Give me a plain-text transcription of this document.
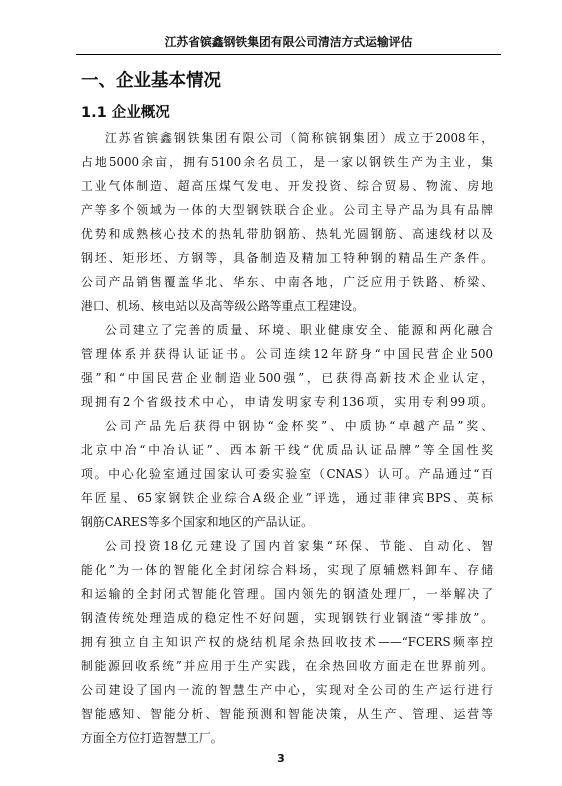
江苏省镔鑫钢铁集团有限公司清洁方式运输评估
一、企业基本情况
1.1 企业概况
江苏省镔鑫钢铁集团有限公司（简称镔钢集团）成立于2008年，
占地5000余亩，拥有5100余名员工，是一家以钢铁生产为主业，集
工业气体制造、超高压煤气发电、开发投资、综合贸易、物流、房地
产等多个领域为一体的大型钢铁联合企业。公司主导产品为具有品牌
优势和成熟核心技术的热轧带肋钢筋、热轧光圆钢筋、高速线材以及
钢坯、矩形坯、方钢等，具备制造及精加工特种钢的精品生产条件。
公司产品销售覆盖华北、华东、中南各地，广泛应用于铁路、桥梁、
港口、机场、核电站以及高等级公路等重点工程建设。
公司建立了完善的质量、环境、职业健康安全、能源和两化融合
管理体系并获得认证证书。公司连续12年跻身“中国民营企业500
强”和“中国民营企业制造业500强”，已获得高新技术企业认定，
现拥有2个省级技术中心，申请发明家专利136项，实用专利99项。
公司产品先后获得中钢协“金杯奖”、中质协“卓越产品”奖、
北京中冶“中冶认证”、西本新干线“优质品认证品牌”等全国性奖
项。中心化验室通过国家认可委实验室（CNAS）认可。产品通过“百
年匠星、65家钢铁企业综合A级企业”评选，通过菲律宾BPS、英标
钢筋CARES等多个国家和地区的产品认证。
公司投资18亿元建设了国内首家集“环保、节能、自动化、智
能化”为一体的智能化全封闭综合料场，实现了原辅燃料卸车、存储
和运输的全封闭式智能化管理。国内领先的钢渣处理厂，一举解决了
钢渣传统处理造成的稳定性不好问题，实现钢铁行业钢渣“零排放”。
拥有独立自主知识产权的烧结机尾余热回收技术——“FCERS频率控
制能源回收系统”并应用于生产实践，在余热回收方面走在世界前列。
公司建设了国内一流的智慧生产中心，实现对全公司的生产运行进行
智能感知、智能分析、智能预测和智能决策，从生产、管理、运营等
方面全方位打造智慧工厂。
3
